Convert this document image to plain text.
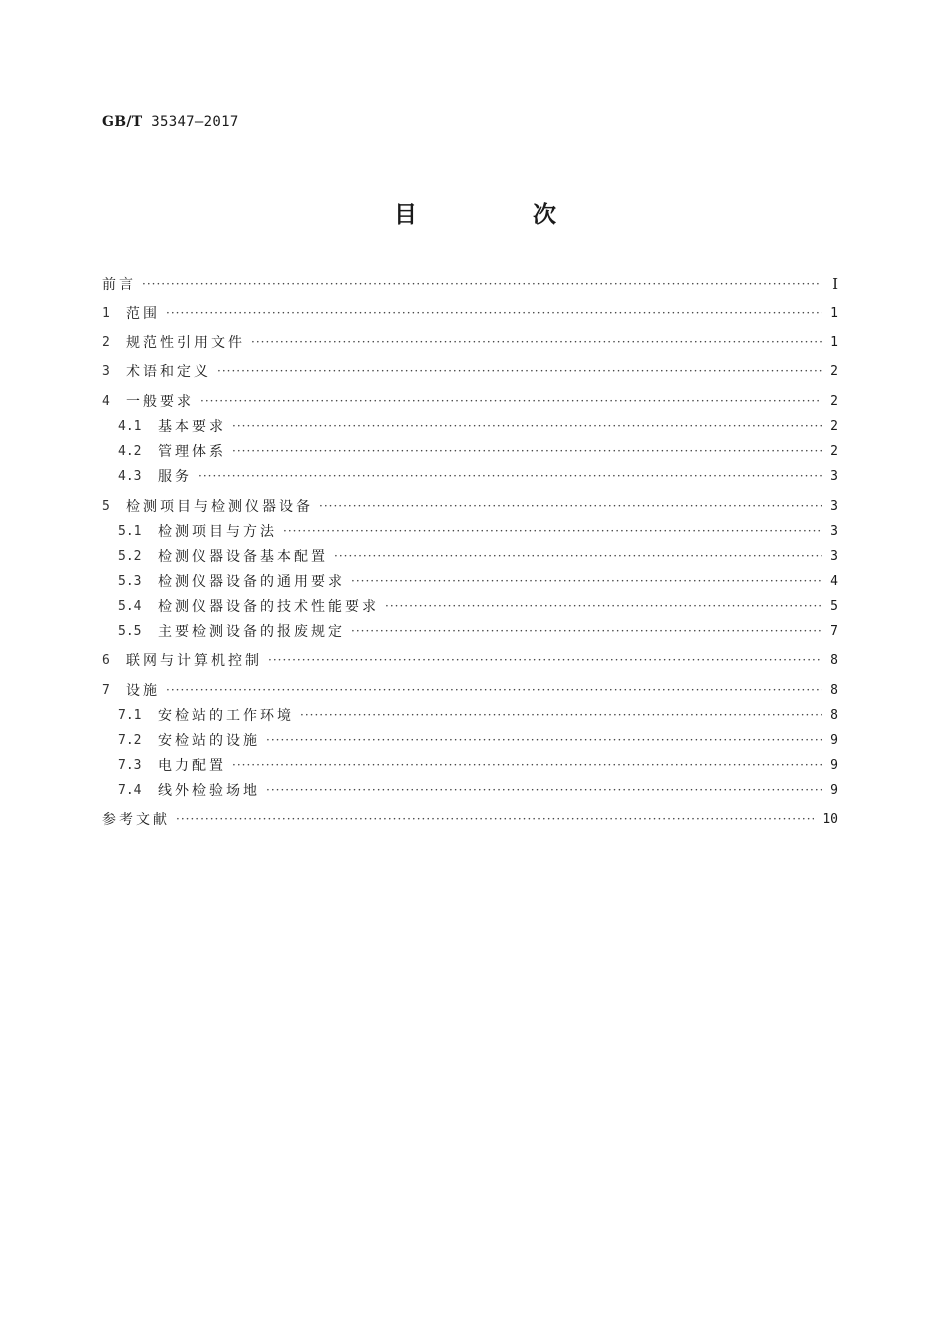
GB/T 35347—2017
目 次
前言 ·····	Ⅰ
1	范围 ·····	1
2	规范性引用文件 ·····	1
3	术语和定义 ·····	2
4	一般要求 ·····	2
4.1	基本要求 ·····	2
4.2	管理体系 ·····	2
4.3	服务 ·····	3
5	检测项目与检测仪器设备 ·····	3
5.1	检测项目与方法 ·····	3
5.2	检测仪器设备基本配置 ·····	3
5.3	检测仪器设备的通用要求 ·····	4
5.4	检测仪器设备的技术性能要求 ·····	5
5.5	主要检测设备的报废规定 ·····	7
6	联网与计算机控制 ·····	8
7	设施 ·····	8
7.1	安检站的工作环境 ·····	8
7.2	安检站的设施 ·····	9
7.3	电力配置 ·····	9
7.4	线外检验场地 ·····	9
参考文献 ·····	10
